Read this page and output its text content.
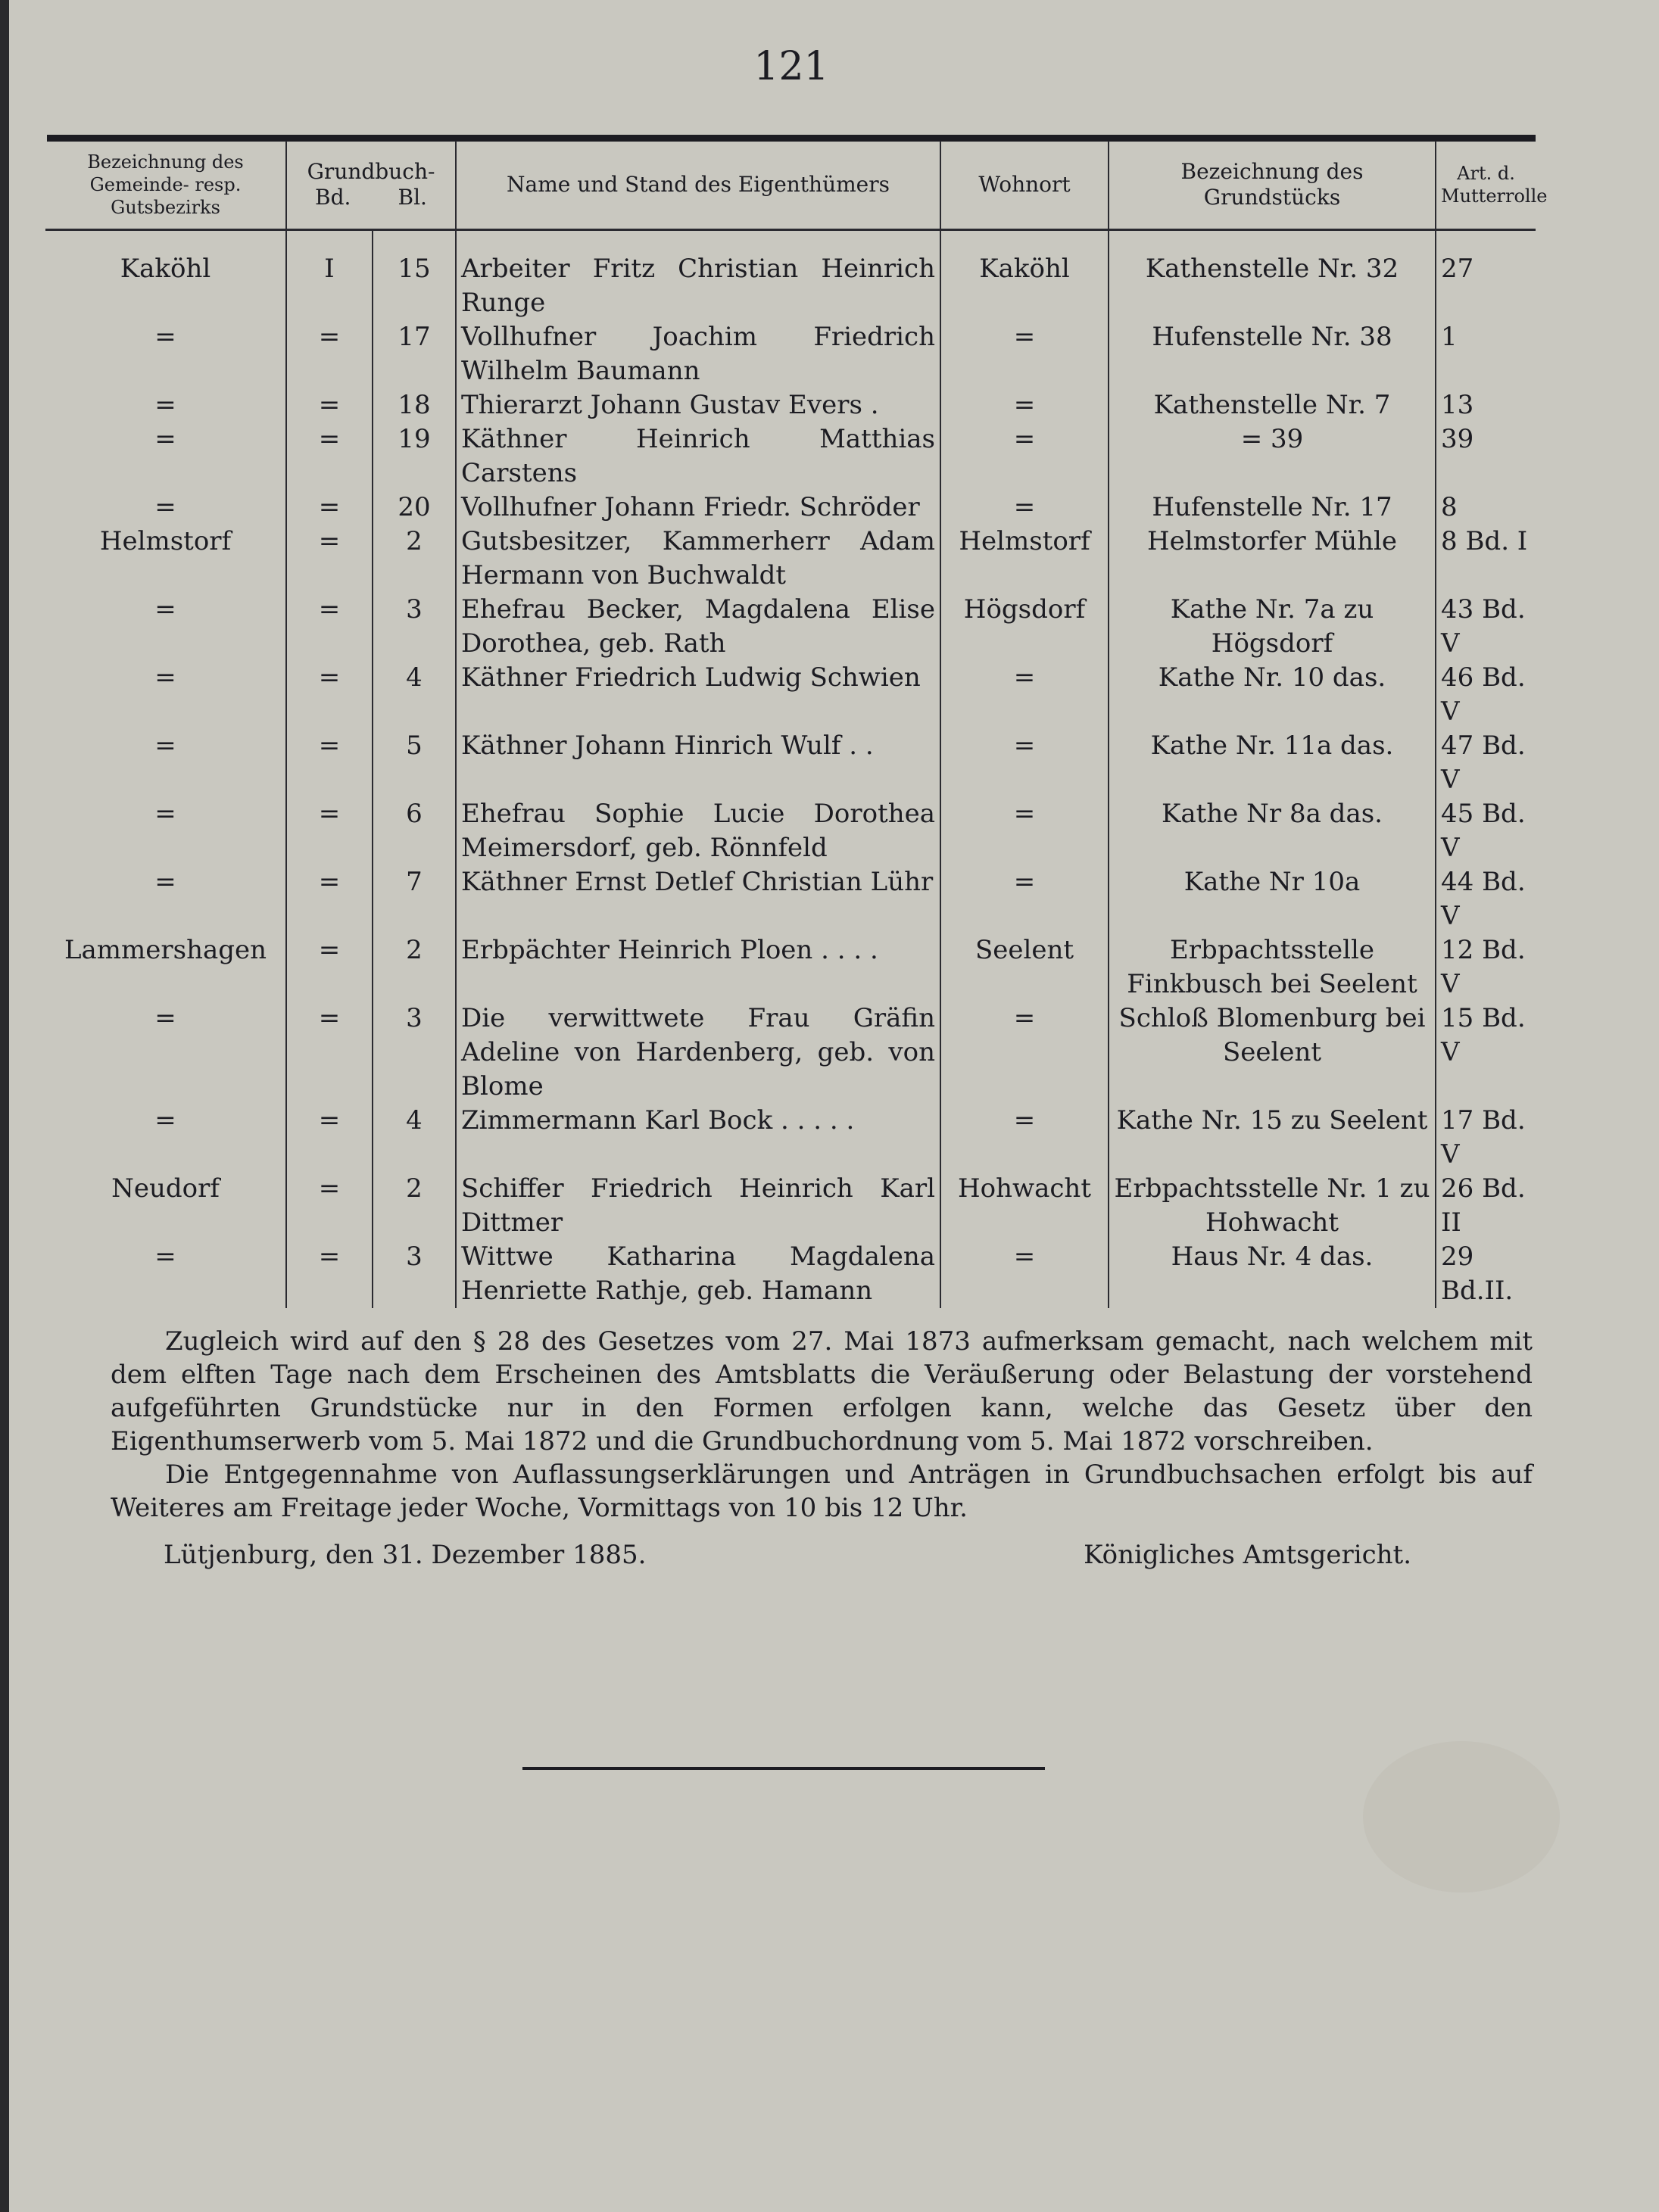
121
Bezeichnung des Gemeinde- resp. Gutsbezirks	Grundbuch-
Bd. Bl.		Name und Stand des Eigenthümers	Wohnort	Bezeichnung des Grundstücks	Art. d. Mutterrolle
Kaköhl	I	15	Arbeiter Fritz Christian Heinrich Runge	Kaköhl	Kathenstelle Nr. 32	27
=	=	17	Vollhufner Joachim Friedrich Wilhelm Baumann	=	Hufenstelle Nr. 38	1
=	=	18	Thierarzt Johann Gustav Evers .	=	Kathenstelle Nr. 7	13
=	=	19	Käthner Heinrich Matthias Carstens	=	= 39	39
=	=	20	Vollhufner Johann Friedr. Schröder	=	Hufenstelle Nr. 17	8
Helmstorf	=	2	Gutsbesitzer, Kammerherr Adam Hermann von Buchwaldt	Helmstorf	Helmstorfer Mühle	8 Bd. I
=	=	3	Ehefrau Becker, Magdalena Elise Dorothea, geb. Rath	Högsdorf	Kathe Nr. 7a zu Högsdorf	43 Bd. V
=	=	4	Käthner Friedrich Ludwig Schwien	=	Kathe Nr. 10 das.	46 Bd. V
=	=	5	Käthner Johann Hinrich Wulf . .	=	Kathe Nr. 11a das.	47 Bd. V
=	=	6	Ehefrau Sophie Lucie Dorothea Meimersdorf, geb. Rönnfeld	=	Kathe Nr 8a das.	45 Bd. V
=	=	7	Käthner Ernst Detlef Christian Lühr	=	Kathe Nr 10a	44 Bd. V
Lammershagen	=	2	Erbpächter Heinrich Ploen . . . .	Seelent	Erbpachtsstelle Finkbusch bei Seelent	12 Bd. V
=	=	3	Die verwittwete Frau Gräfin Adeline von Hardenberg, geb. von Blome	=	Schloß Blomenburg bei Seelent	15 Bd. V
=	=	4	Zimmermann Karl Bock . . . . .	=	Kathe Nr. 15 zu Seelent	17 Bd. V
Neudorf	=	2	Schiffer Friedrich Heinrich Karl Dittmer	Hohwacht	Erbpachtsstelle Nr. 1 zu Hohwacht	26 Bd. II
=	=	3	Wittwe Katharina Magdalena Henriette Rathje, geb. Hamann	=	Haus Nr. 4 das.	29 Bd.II.
Zugleich wird auf den § 28 des Gesetzes vom 27. Mai 1873 aufmerksam gemacht, nach welchem mit dem elften Tage nach dem Erscheinen des Amtsblatts die Veräußerung oder Belastung der vorstehend aufgeführten Grundstücke nur in den Formen erfolgen kann, welche das Gesetz über den Eigenthumserwerb vom 5. Mai 1872 und die Grundbuchordnung vom 5. Mai 1872 vorschreiben.
Die Entgegennahme von Auflassungserklärungen und Anträgen in Grundbuchsachen erfolgt bis auf Weiteres am Freitage jeder Woche, Vormittags von 10 bis 12 Uhr.
Lütjenburg, den 31. Dezember 1885.	Königliches Amtsgericht.
